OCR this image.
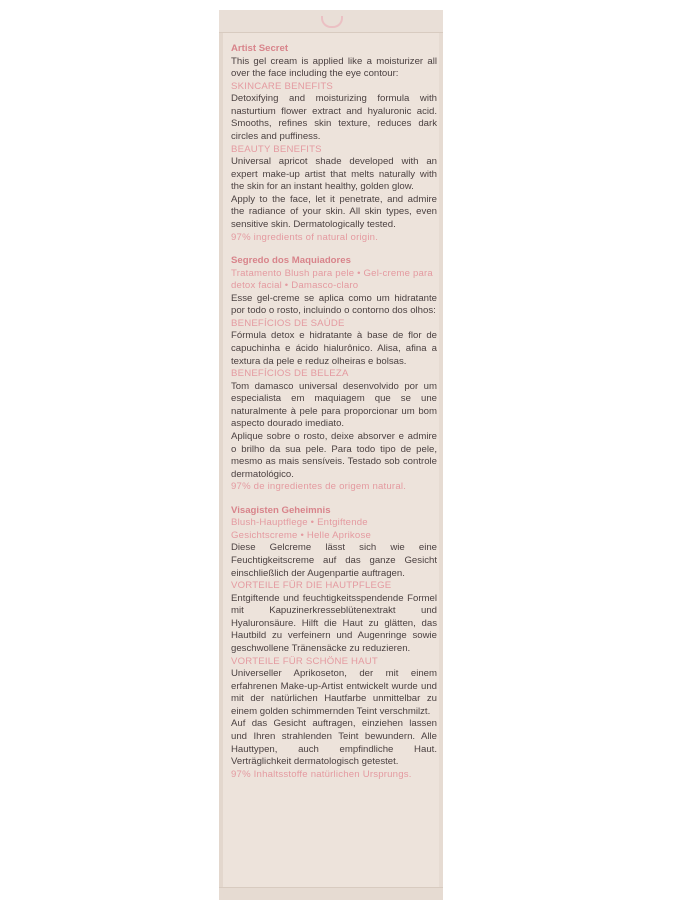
Artist Secret

This gel cream is applied like a moisturizer all over the face including the eye contour:

SKINCARE BENEFITS

Detoxifying and moisturizing formula with nasturtium flower extract and hyaluronic acid. Smooths, refines skin texture, reduces dark circles and puffiness.

BEAUTY BENEFITS

Universal apricot shade developed with an expert make-up artist that melts naturally with the skin for an instant healthy, golden glow.

Apply to the face, let it penetrate, and admire the radiance of your skin. All skin types, even sensitive skin. Dermatologically tested.

97% ingredients of natural origin.

Segredo dos Maquiadores

Tratamento Blush para pele • Gel-creme para detox facial • Damasco-claro

Esse gel-creme se aplica como um hidratante por todo o rosto, incluindo o contorno dos olhos:

BENEFÍCIOS DE SAÚDE

Fórmula detox e hidratante à base de flor de capuchinha e ácido hialurônico. Alisa, afina a textura da pele e reduz olheiras e bolsas.

BENEFÍCIOS DE BELEZA

Tom damasco universal desenvolvido por um especialista em maquiagem que se une naturalmente à pele para proporcionar um bom aspecto dourado imediato.

Aplique sobre o rosto, deixe absorver e admire o brilho da sua pele. Para todo tipo de pele, mesmo as mais sensíveis. Testado sob controle dermatológico.

97% de ingredientes de origem natural.

Visagisten Geheimnis

Blush-Hauptflege • Entgiftende Gesichtscreme • Helle Aprikose

Diese Gelcreme lässt sich wie eine Feuchtigkeitscreme auf das ganze Gesicht einschließlich der Augenpartie auftragen.

VORTEILE FÜR DIE HAUTPFLEGE

Entgiftende und feuchtigkeitsspendende Formel mit Kapuzinerkresseblütenextrakt und Hyaluronsäure. Hilft die Haut zu glätten, das Hautbild zu verfeinern und Augenringe sowie geschwollene Tränensäcke zu reduzieren.

VORTEILE FÜR SCHÖNE HAUT

Universeller Aprikoseton, der mit einem erfahrenen Make-up-Artist entwickelt wurde und mit der natürlichen Hautfarbe unmittelbar zu einem golden schimmernden Teint verschmilzt.

Auf das Gesicht auftragen, einziehen lassen und Ihren strahlenden Teint bewundern. Alle Hauttypen, auch empfindliche Haut. Verträglichkeit dermatologisch getestet.

97% Inhaltsstoffe natürlichen Ursprungs.
